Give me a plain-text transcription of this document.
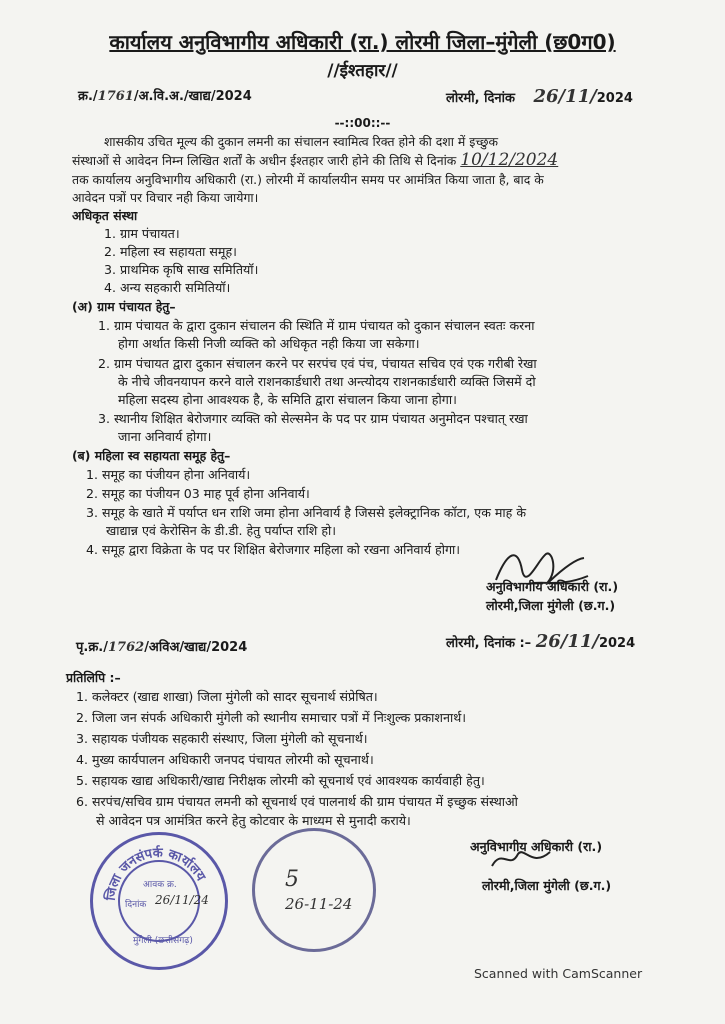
कार्यालय अनुविभागीय अधिकारी (रा.) लोरमी जिला–मुंगेली (छ0ग0)
//ईश्तहार//
क्र./1761/अ.वि.अ./खाद्य/2024	लोरमी, दिनांक 26/11/2024
--::00::--
शासकीय उचित मूल्य की दुकान लमनी का संचालन स्वामित्व रिक्त होने की दशा में इच्छुक
संस्थाओं से आवेदन निम्न लिखित शर्तों के अधीन ईश्तहार जारी होने की तिथि से दिनांक 10/12/2024
तक कार्यालय अनुविभागीय अधिकारी (रा.) लोरमी में कार्यालयीन समय पर आमंत्रित किया जाता है, बाद के
आवेदन पत्रों पर विचार नही किया जायेगा।
अधिकृत संस्था
1. ग्राम पंचायत।
2. महिला स्व सहायता समूह।
3. प्राथमिक कृषि साख समितियॉ।
4. अन्य सहकारी समितियॉ।
(अ) ग्राम पंचायत हेतु–
1. ग्राम पंचायत के द्वारा दुकान संचालन की स्थिति में ग्राम पंचायत को दुकान संचालन स्वतः करना
होगा अर्थात किसी निजी व्यक्ति को अधिकृत नही किया जा सकेगा।
2. ग्राम पंचायत द्वारा दुकान संचालन करने पर सरपंच एवं पंच, पंचायत सचिव एवं एक गरीबी रेखा
के नीचे जीवनयापन करने वाले राशनकार्डधारी तथा अन्त्योदय राशनकार्डधारी व्यक्ति जिसमें दो
महिला सदस्य होना आवश्यक है, के समिति द्वारा संचालन किया जाना होगा।
3. स्थानीय शिक्षित बेरोजगार व्यक्ति को सेल्समेन के पद पर ग्राम पंचायत अनुमोदन पश्चात् रखा
जाना अनिवार्य होगा।
(ब) महिला स्व सहायता समूह हेतु–
1. समूह का पंजीयन होना अनिवार्य।
2. समूह का पंजीयन 03 माह पूर्व होना अनिवार्य।
3. समूह के खाते में पर्याप्त धन राशि जमा होना अनिवार्य है जिससे इलेक्ट्रानिक कॉटा, एक माह के
खाद्यान्न एवं केरोसिन के डी.डी. हेतु पर्याप्त राशि हो।
4. समूह द्वारा विक्रेता के पद पर शिक्षित बेरोजगार महिला को रखना अनिवार्य होगा।
अनुविभागीय अधिकारी (रा.)
लोरमी,जिला मुंगेली (छ.ग.)
पृ.क्र./1762/अविअ/खाद्य/2024	लोरमी, दिनांक :– 26/11/2024
प्रतिलिपि :–
1. कलेक्टर (खाद्य शाखा) जिला मुंगेली को सादर सूचनार्थ संप्रेषित।
2. जिला जन संपर्क अधिकारी मुंगेली को स्थानीय समाचार पत्रों में निःशुल्क प्रकाशनार्थ।
3. सहायक पंजीयक सहकारी संस्थाए, जिला मुंगेली को सूचनार्थ।
4. मुख्य कार्यपालन अधिकारी जनपद पंचायत लोरमी को सूचनार्थ।
5. सहायक खाद्य अधिकारी/खाद्य निरीक्षक लोरमी को सूचनार्थ एवं आवश्यक कार्यवाही हेतु।
6. सरपंच/सचिव ग्राम पंचायत लमनी को सूचनार्थ एवं पालनार्थ की ग्राम पंचायत में इच्छुक संस्थाओ
से आवेदन पत्र आमंत्रित करने हेतु कोटवार के माध्यम से मुनादी कराये।
अनुविभागीय अधिकारी (रा.)
लोरमी,जिला मुंगेली (छ.ग.)
जिला जनसंपर्क कार्यालय
आवक क्र.
दिनांक 26/11/24
मुंगेली (छत्तीसगढ़)
5
26-11-24
Scanned with CamScanner
